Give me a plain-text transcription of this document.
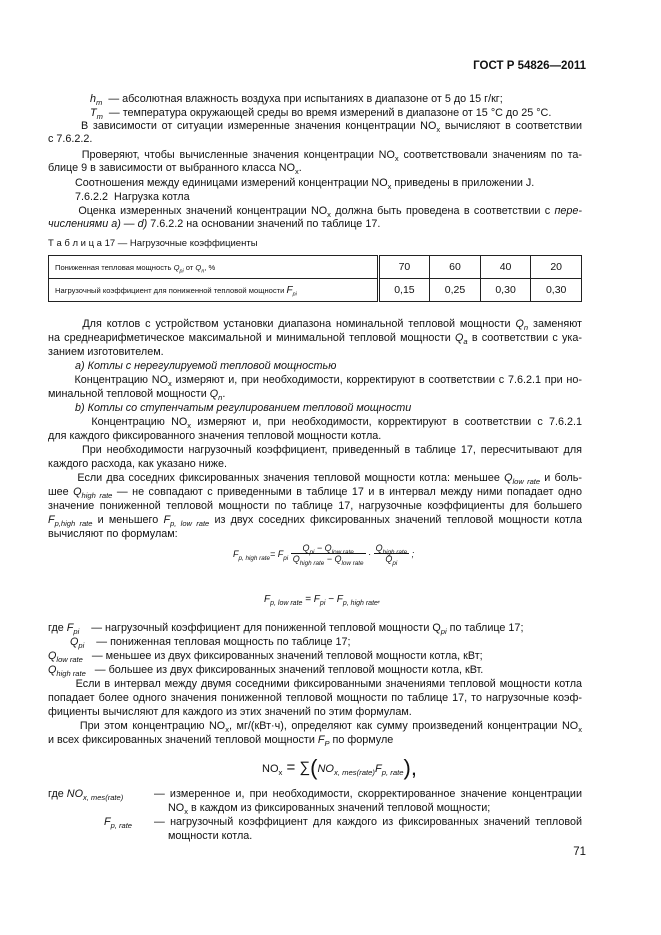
ГОСТ Р 54826—2011
$h_m$ — абсолютная влажность воздуха при испытаниях в диапазоне от 5 до 15 г/кг;
$T_m$ — температура окружающей среды во время измерений в диапазоне от 15 °С до 25 °С.
В зависимости от ситуации измеренные значения концентрации $NO_x$ вычисляют в соответствии
с 7.6.2.2.
Проверяют, чтобы вычисленные значения концентрации $NO_x$ соответствовали значениям по та-
блице 9 в зависимости от выбранного класса $NO_x$.
Соотношения между единицами измерений концентрации $NO_x$ приведены в приложении J.
7.6.2.2 Нагрузка котла
Оценка измеренных значений концентрации $NO_x$ должна быть проведена в соответствии с пере-
числениями а) — d) 7.6.2.2 на основании значений по таблице 17.
Т а б л и ц а 17 — Нагрузочные коэффициенты
Пониженная тепловая мощность $Q_{pi}$ от $Q_n$, %	70	60	40	20
Нагрузочный коэффициент для пониженной тепловой мощности $F_{pi}$	0,15	0,25	0,30	0,30
Для котлов с устройством установки диапазона номинальной тепловой мощности $Q_n$ заменяют
на среднеарифметическое максимальной и минимальной тепловой мощности $Q_a$ в соответствии с ука-
занием изготовителем.
a) Котлы с нерегулируемой тепловой мощностью
Концентрацию $NO_x$ измеряют и, при необходимости, корректируют в соответствии с 7.6.2.1 при но-
минальной тепловой мощности $Q_n$.
b) Котлы со ступенчатым регулированием тепловой мощности
Концентрацию $NO_x$ измеряют и, при необходимости, корректируют в соответствии с 7.6.2.1
для каждого фиксированного значения тепловой мощности котла.
При необходимости нагрузочный коэффициент, приведенный в таблице 17, пересчитывают для
каждого расхода, как указано ниже.
Если два соседних фиксированных значения тепловой мощности котла: меньшее $Q_{low rate}$ и боль-
шее $Q_{high rate}$ — не совпадают с приведенными в таблице 17 и в интервал между ними попадает одно
значение пониженной тепловой мощности по таблице 17, нагрузочные коэффициенты для большего
$F_{p,high rate}$ и меньшего $F_{p, low rate}$ из двух соседних фиксированных значений тепловой мощности котла
вычисляют по формулам:
$F_{p, high rate}= F_{pi} \frac{Q_{pi} - Q_{low rate}}{Q_{high rate} - Q_{low rate}} \cdot \frac{Q_{high rate}}{Q_{pi}}$ ;
$F_{p, low rate} = F_{pi} - F_{p, high rate}$,
где $F_{pi}$ — нагрузочный коэффициент для пониженной тепловой мощности $Q_{pi}$ по таблице 17;
$Q_{pi}$ — пониженная тепловая мощность по таблице 17;
$Q_{low rate}$ — меньшее из двух фиксированных значений тепловой мощности котла, кВт;
$Q_{high rate}$ — большее из двух фиксированных значений тепловой мощности котла, кВт.
Если в интервал между двумя соседними фиксированными значениями тепловой мощности котла
попадает более одного значения пониженной тепловой мощности по таблице 17, то нагрузочные коэф-
фициенты вычисляют для каждого из этих значений по этим формулам.
При этом концентрацию $NO_x$, мг/(кВт·ч), определяют как сумму произведений концентрации $NO_x$
и всех фиксированных значений тепловой мощности $F_P$ по формуле
$NO_x = \sum(NO_{x, mes(rate)}F_{p, rate})$,
где $NO_{x, mes(rate)}$	— измеренное и, при необходимости, скорректированное значение концентрации
$NO_x$ в каждом из фиксированных значений тепловой мощности;
$F_{p, rate}$ — нагрузочный коэффициент для каждого из фиксированных значений тепловой
мощности котла.
71
